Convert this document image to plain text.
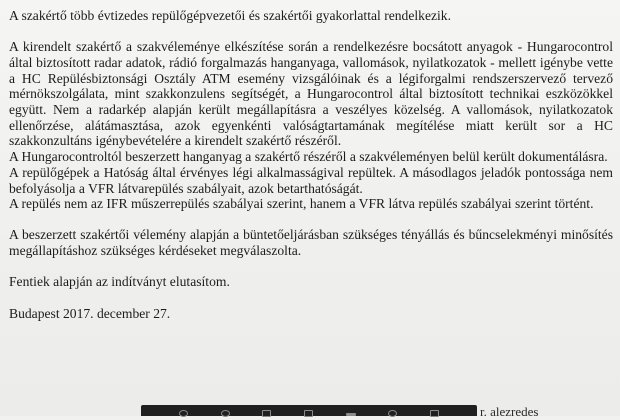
A szakértő több évtizedes repülőgépvezetői és szakértői gyakorlattal rendelkezik.

A kirendelt szakértő a szakvéleménye elkészítése során a rendelkezésre bocsátott anyagok - Hungarocontrol által biztosított radar adatok, rádió forgalmazás hanganyaga, vallomások, nyilatkozatok - mellett igénybe vette a HC Repülésbiztonsági Osztály ATM esemény vizsgálóinak és a légiforgalmi rendszerszervező tervező mérnökszolgálata, mint szakkonzulens segítségét, a Hungarocontrol által biztosított technikai eszközökkel együtt. Nem a radarkép alapján került megállapításra a veszélyes közelség. A vallomások, nyilatkozatok ellenőrzése, alátámasztása, azok egyenkénti valóságtartamának megítélése miatt került sor a HC szakkonzultáns igénybevételére a kirendelt szakértő részéről.

A Hungarocontroltól beszerzett hanganyag a szakértő részéről a szakvéleményen belül került dokumentálásra.

A repülőgépek a Hatóság által érvényes légi alkalmasságival repültek. A másodlagos jeladók pontossága nem befolyásolja a VFR látvarepülés szabályait, azok betarthatóságát.

A repülés nem az IFR műszerrepülés szabályai szerint, hanem a VFR látva repülés szabályai szerint történt.

A beszerzett szakértői vélemény alapján a büntetőeljárásban szükséges tényállás és bűncselekményi minősítés megállapításhoz szükséges kérdéseket megválaszolta.

Fentiek alapján az indítványt elutasítom.

Budapest 2017. december 27.

r. alezredes
